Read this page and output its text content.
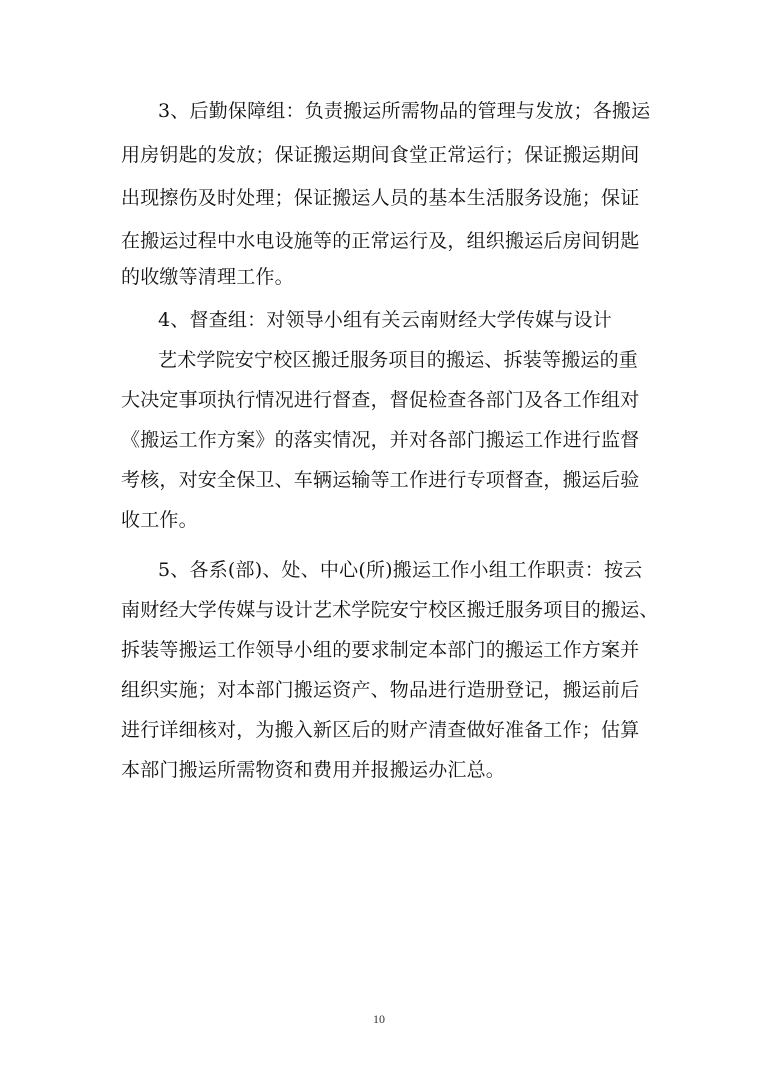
3、后勤保障组：负责搬运所需物品的管理与发放；各搬运
用房钥匙的发放；保证搬运期间食堂正常运行；保证搬运期间
出现擦伤及时处理；保证搬运人员的基本生活服务设施；保证
在搬运过程中水电设施等的正常运行及，组织搬运后房间钥匙
的收缴等清理工作。
4、督查组：对领导小组有关云南财经大学传媒与设计
艺术学院安宁校区搬迁服务项目的搬运、拆装等搬运的重
大决定事项执行情况进行督查，督促检查各部门及各工作组对
《搬运工作方案》的落实情况，并对各部门搬运工作进行监督
考核，对安全保卫、车辆运输等工作进行专项督查，搬运后验
收工作。
5、各系(部)、处、中心(所)搬运工作小组工作职责：按云
南财经大学传媒与设计艺术学院安宁校区搬迁服务项目的搬运、
拆装等搬运工作领导小组的要求制定本部门的搬运工作方案并
组织实施；对本部门搬运资产、物品进行造册登记，搬运前后
进行详细核对，为搬入新区后的财产清查做好准备工作；估算
本部门搬运所需物资和费用并报搬运办汇总。
10
